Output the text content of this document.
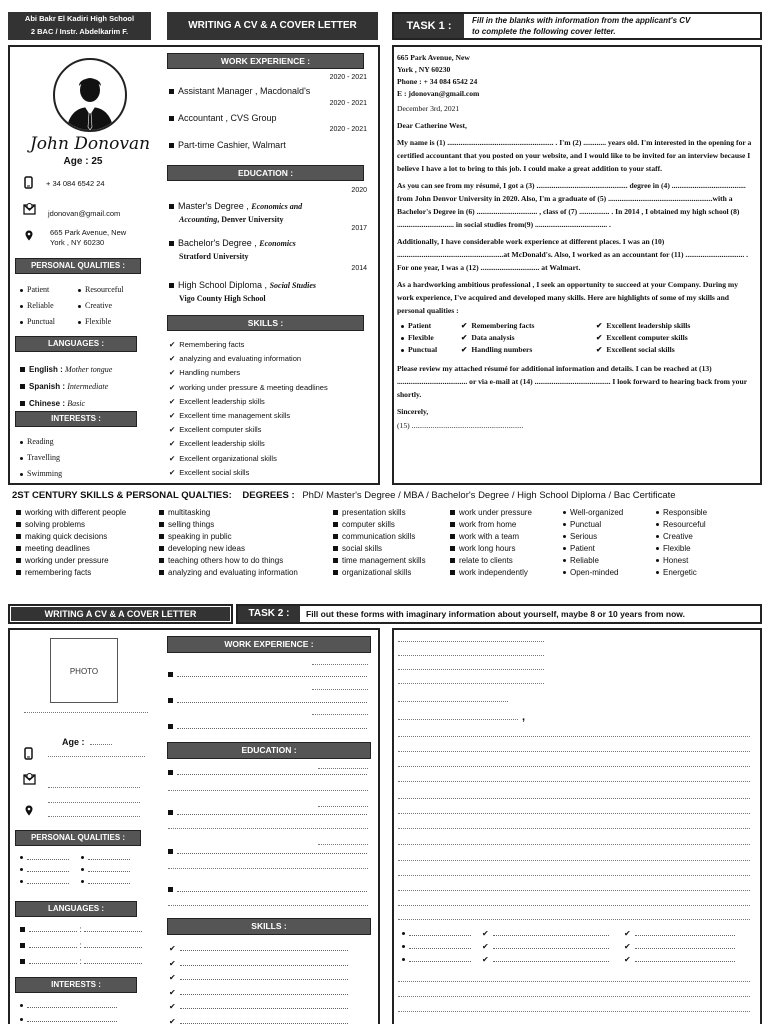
Abi Bakr El Kadiri High School
2 BAC / Instr. Abdelkarim F.
WRITING A CV & A COVER LETTER	TASK 1 :	Fill in the blanks with information from the applicant's CV
to complete the following cover letter.
John Donovan
Age : 25
+ 34 084 6542 24
jdonovan@gmail.com
665 Park Avenue, New
York , NY 60230
PERSONAL QUALITIES :
Patient	Resourceful
Reliable	Creative
Punctual	Flexible
LANGUAGES :
English : Mother tongue
Spanish : Intermediate
Chinese : Basic
INTERESTS :
Reading
Travelling
Swimming
WORK EXPERIENCE :
2020 - 2021
Assistant Manager , Macdonald's
2020 - 2021
Accountant , CVS Group
2020 - 2021
Part-time Cashier, Walmart
EDUCATION :
2020
Master's Degree , Economics and
Accounting, Denver University
2017
Bachelor's Degree , Economics
Stratford University
2014
High School Diploma , Social Studies
Vigo County High School
SKILLS :
✔ Remembering facts
✔ analyzing and evaluating information
✔ Handling numbers
✔ working under pressure & meeting deadlines
✔ Excellent leadership skills
✔ Excellent time management skills
✔ Excellent computer skills
✔ Excellent leadership skills
✔ Excellent organizational skills
✔ Excellent social skills
665 Park Avenue, New
York , NY 60230
Phone : + 34 084 6542 24
E : jdonovan@gmail.com
December 3rd, 2021
Dear Catherine West,

My name is (1) ........................................................ . I'm (2) ............ years old. I'm interested in the opening for a certified accountant that you posted on your website, and I would like to be invited for an interview because I believe I have a lot to bring to this job. I could make a great addition to your staff.

As you can see from my résumé, I got a (3) ................................................ degree in (4) ....................................... from John Denvor University in 2020. Also, I'm a graduate of (5) .......................................................with a Bachelor's Degree in (6) ................................ , class of (7) ................ . In 2014 , I obtained my high school (8) .............................. in social studies from(9) ...................................... .

Additionally, I have considerable work experience at different places. I was an (10) ........................................................at McDonald's. Also, I worked as an accountant for (11) ............................... . For one year, I was a (12) ............................... at Walmart.

As a hardworking ambitious professional , I seek an opportunity to succeed at your Company. During my work experience, I've acquired and developed many skills. Here are highlights of some of my skills and personal qualities :

Patient	✔ Remembering facts	✔ Excellent leadership skills
Flexible	✔ Data analysis	✔ Excellent computer skills
Punctual	✔ Handling numbers	✔ Excellent social skills

Please review my attached résumé for additional information and details. I can be reached at (13) ..................................... or via e-mail at (14) ........................................ I look forward to hearing back from your shortly.

Sincerely,
(15) ...........................................................
2ST CENTURY SKILLS & PERSONAL QUALTIES: DEGREES : PhD/ Master's Degree / MBA / Bachelor's Degree / High School Diploma / Bac Certificate
working with different people
solving problems
making quick decisions
meeting deadlines
working under pressure
remembering facts
multitasking
selling things
speaking in public
developing new ideas
teaching others how to do things
analyzing and evaluating information
presentation skills
computer skills
communication skills
social skills
time management skills
organizational skills
work under pressure
work from home
work with a team
work long hours
relate to clients
work independently
Well-organized
Punctual
Serious
Patient
Reliable
Open-minded
Responsible
Resourceful
Creative
Flexible
Honest
Energetic
WRITING A CV & A COVER LETTER	TASK 2 :	Fill out these forms with imaginary information about yourself, maybe 8 or 10 years from now.
PHOTO
Age :
PERSONAL QUALITIES :
LANGUAGES :
:
:
:
INTERESTS :
WORK EXPERIENCE :
EDUCATION :
SKILLS :
✔
✔
✔
✔
✔
✔
,
✔	✔
✔	✔
✔	✔
